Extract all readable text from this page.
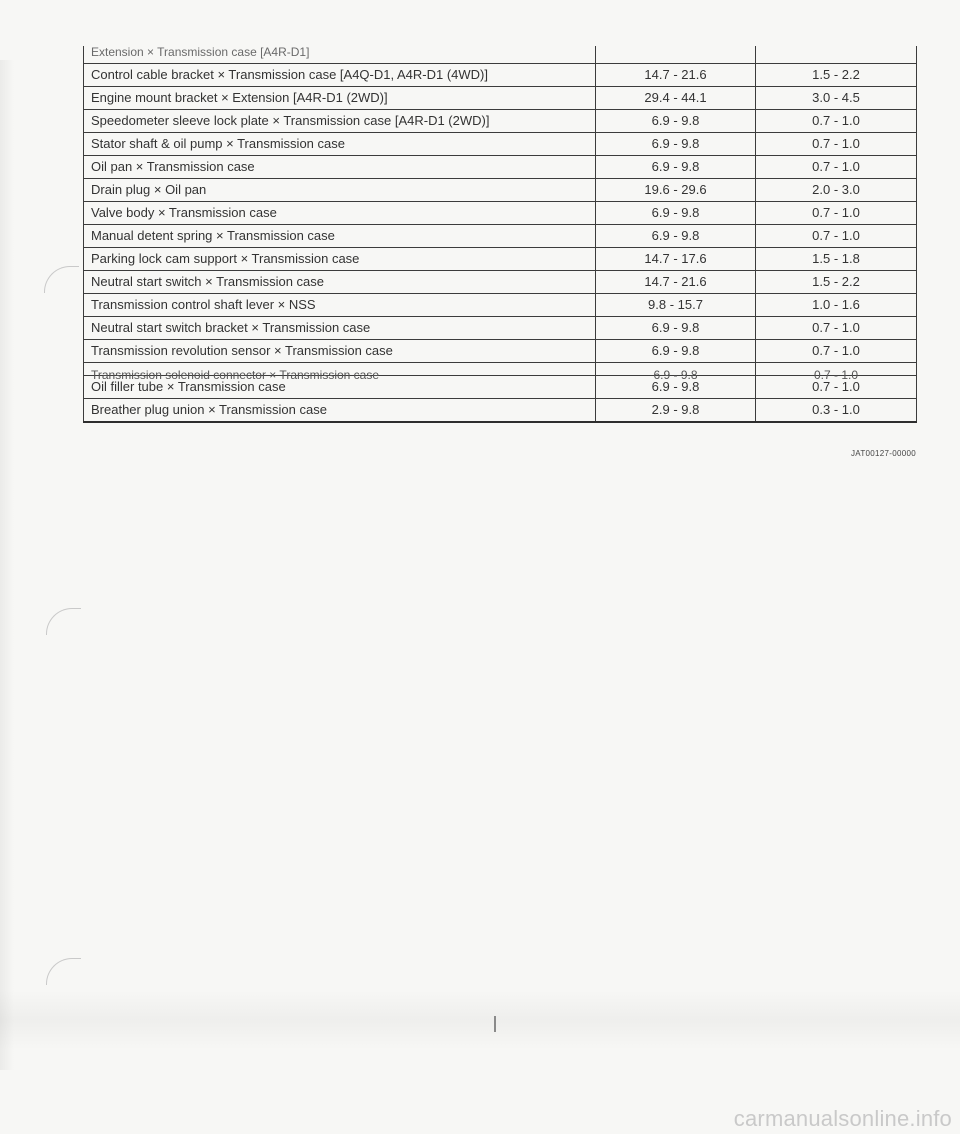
Extension × Transmission case [A4R-D1]		

Control cable bracket × Transmission case [A4Q-D1, A4R-D1 (4WD)]	14.7 - 21.6	1.5 - 2.2
Engine mount bracket × Extension [A4R-D1 (2WD)]	29.4 - 44.1	3.0 - 4.5
Speedometer sleeve lock plate × Transmission case [A4R-D1 (2WD)]	6.9 - 9.8	0.7 - 1.0
Stator shaft & oil pump × Transmission case	6.9 - 9.8	0.7 - 1.0
Oil pan × Transmission case	6.9 - 9.8	0.7 - 1.0
Drain plug × Oil pan	19.6 - 29.6	2.0 - 3.0
Valve body × Transmission case	6.9 - 9.8	0.7 - 1.0
Manual detent spring × Transmission case	6.9 - 9.8	0.7 - 1.0
Parking lock cam support × Transmission case	14.7 - 17.6	1.5 - 1.8
Neutral start switch × Transmission case	14.7 - 21.6	1.5 - 2.2
Transmission control shaft lever × NSS	9.8 - 15.7	1.0 - 1.6
Neutral start switch bracket × Transmission case	6.9 - 9.8	0.7 - 1.0
Transmission revolution sensor × Transmission case	6.9 - 9.8	0.7 - 1.0

Transmission solenoid connector × Transmission case	6.9 - 9.8	0.7 - 1.0

Oil filler tube × Transmission case	6.9 - 9.8	0.7 - 1.0
Breather plug union × Transmission case	2.9 - 9.8	0.3 - 1.0
JAT00127-00000
carmanualsonline.info
